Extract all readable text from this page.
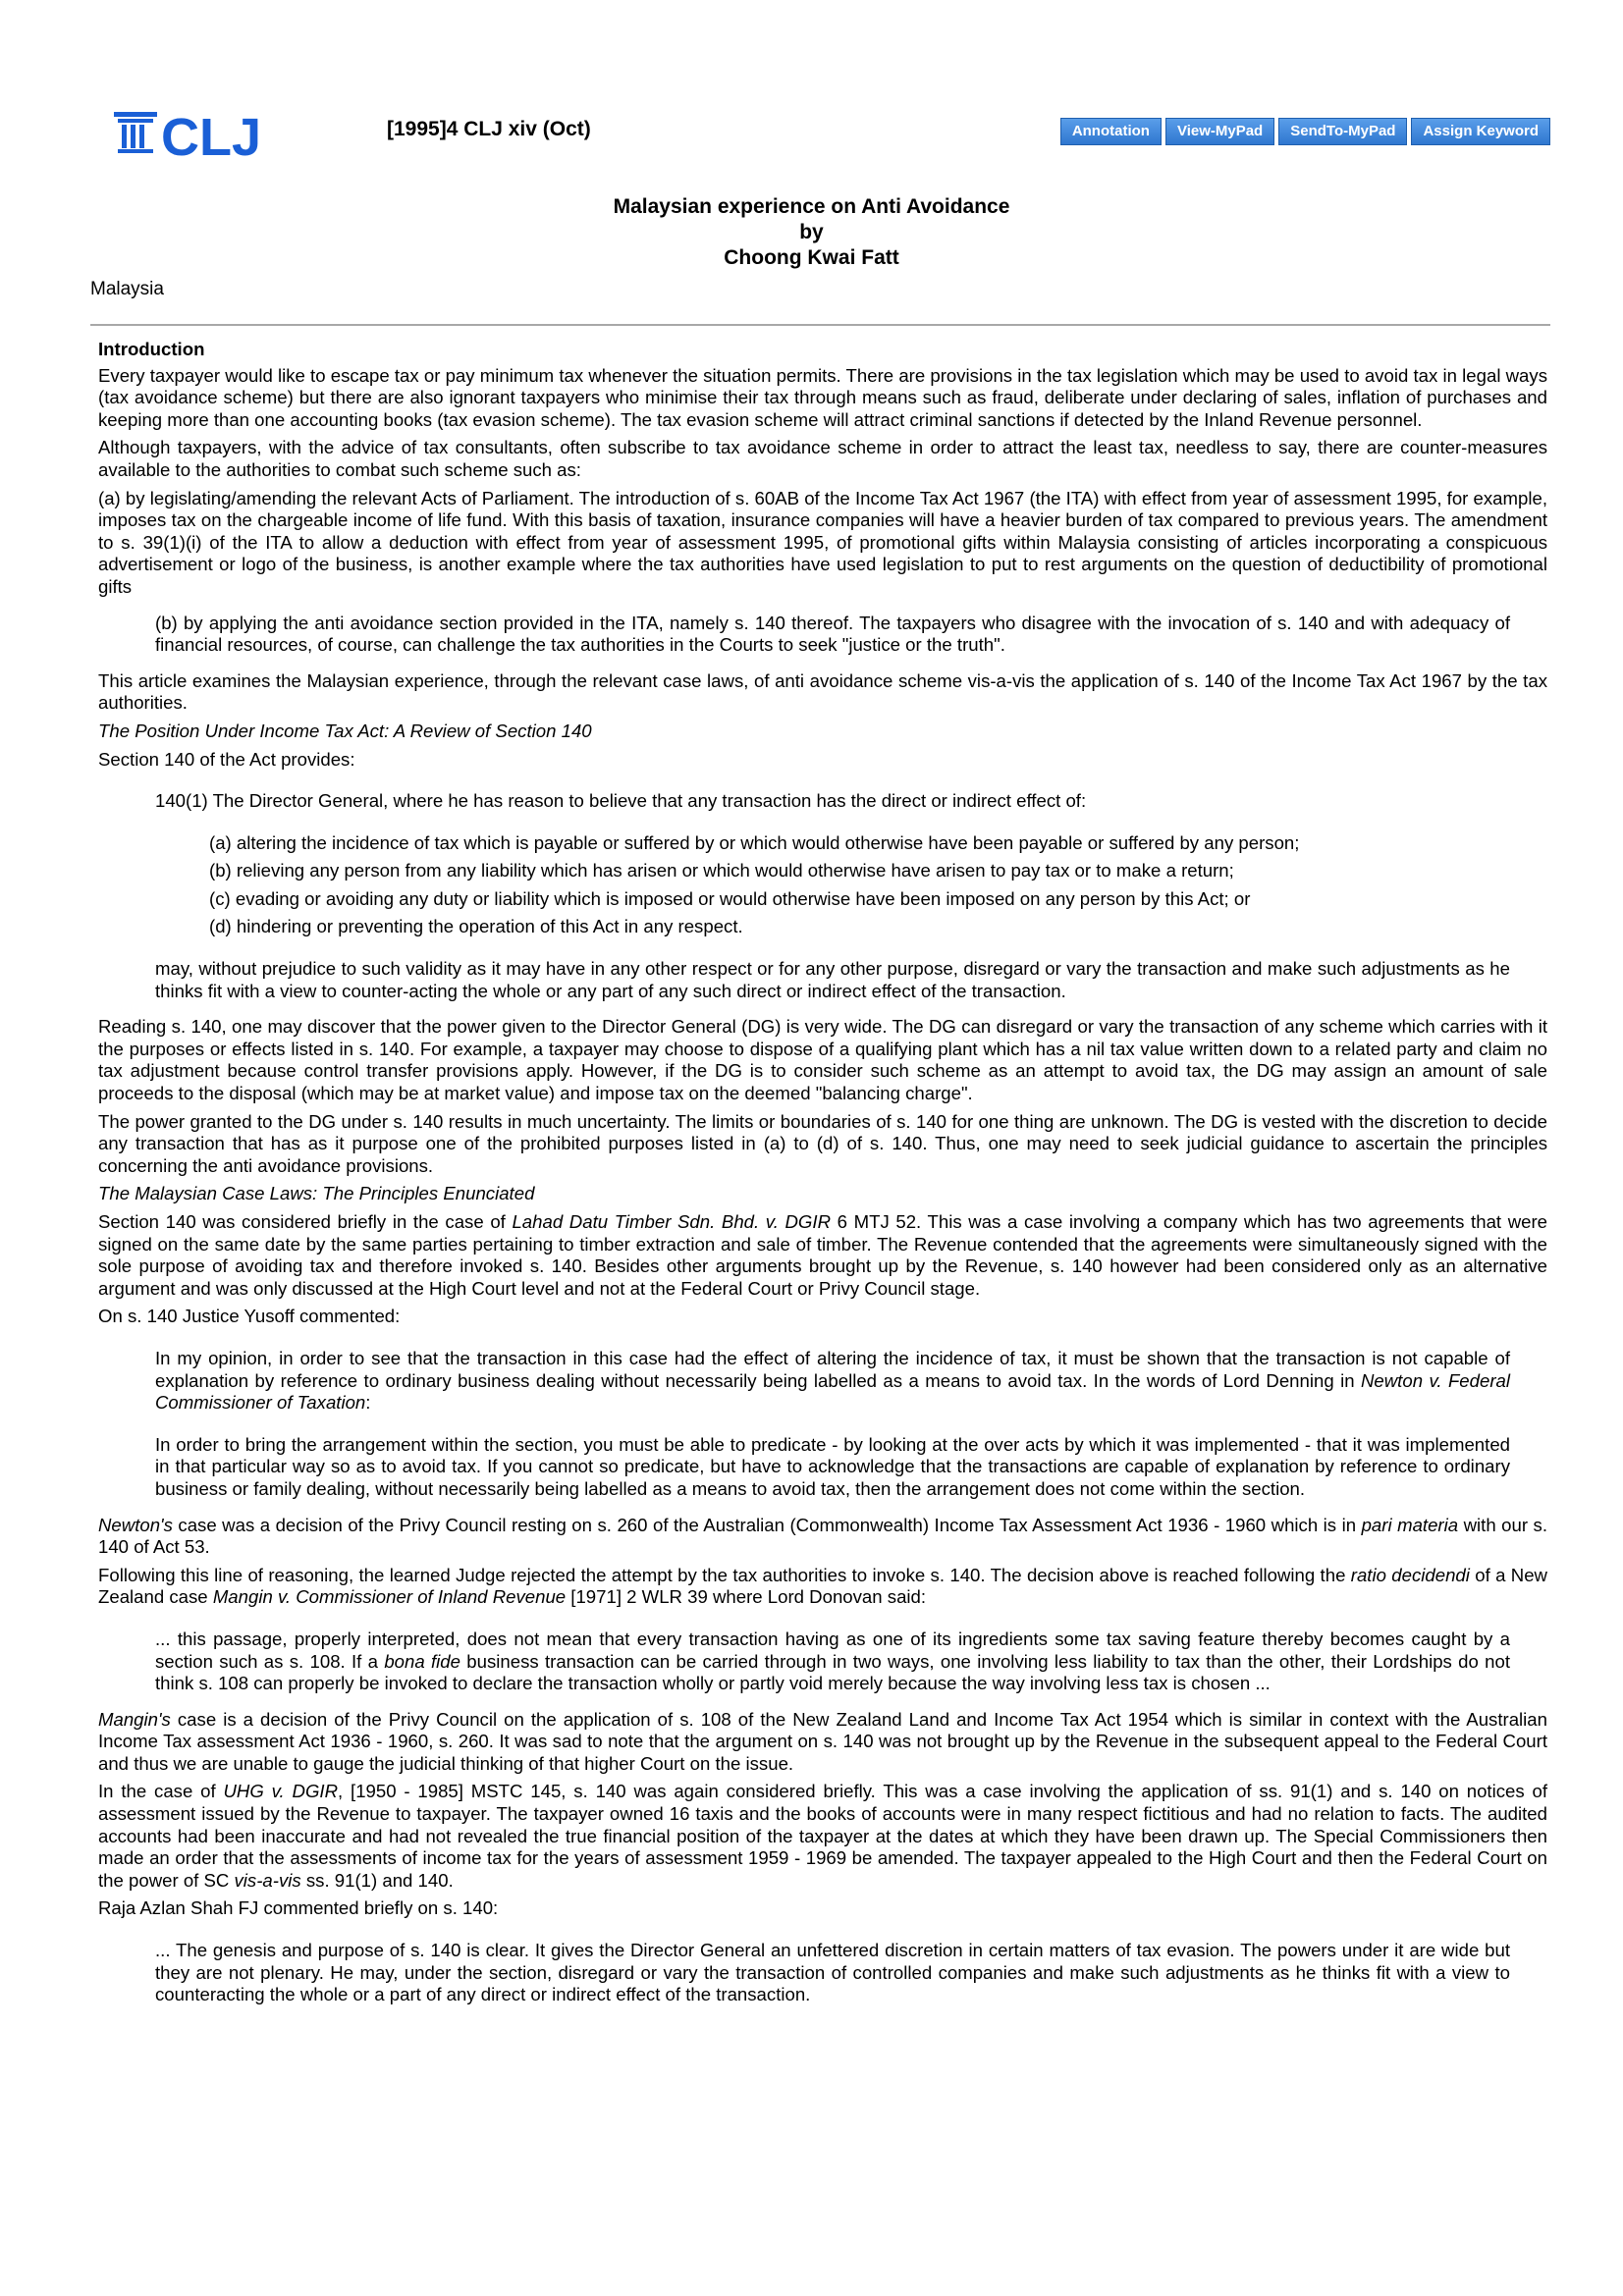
CLJ	[1995]4 CLJ xiv (Oct)	Annotation	View-MyPad	SendTo-MyPad	Assign Keyword
Malaysian experience on Anti Avoidance
by
Choong Kwai Fatt
Malaysia

Introduction

Every taxpayer would like to escape tax or pay minimum tax whenever the situation permits. There are provisions in the tax legislation which may be used to avoid tax in legal ways (tax avoidance scheme) but there are also ignorant taxpayers who minimise their tax through means such as fraud, deliberate under declaring of sales, inflation of purchases and keeping more than one accounting books (tax evasion scheme). The tax evasion scheme will attract criminal sanctions if detected by the Inland Revenue personnel.

Although taxpayers, with the advice of tax consultants, often subscribe to tax avoidance scheme in order to attract the least tax, needless to say, there are counter-measures available to the authorities to combat such scheme such as:

(a) by legislating/amending the relevant Acts of Parliament. The introduction of s. 60AB of the Income Tax Act 1967 (the ITA) with effect from year of assessment 1995, for example, imposes tax on the chargeable income of life fund. With this basis of taxation, insurance companies will have a heavier burden of tax compared to previous years. The amendment to s. 39(1)(i) of the ITA to allow a deduction with effect from year of assessment 1995, of promotional gifts within Malaysia consisting of articles incorporating a conspicuous advertisement or logo of the business, is another example where the tax authorities have used legislation to put to rest arguments on the question of deductibility of promotional gifts

(b) by applying the anti avoidance section provided in the ITA, namely s. 140 thereof. The taxpayers who disagree with the invocation of s. 140 and with adequacy of financial resources, of course, can challenge the tax authorities in the Courts to seek "justice or the truth".

This article examines the Malaysian experience, through the relevant case laws, of anti avoidance scheme vis-a-vis the application of s. 140 of the Income Tax Act 1967 by the tax authorities.

The Position Under Income Tax Act: A Review of Section 140

Section 140 of the Act provides:

140(1) The Director General, where he has reason to believe that any transaction has the direct or indirect effect of:

(a) altering the incidence of tax which is payable or suffered by or which would otherwise have been payable or suffered by any person;

(b) relieving any person from any liability which has arisen or which would otherwise have arisen to pay tax or to make a return;

(c) evading or avoiding any duty or liability which is imposed or would otherwise have been imposed on any person by this Act; or

(d) hindering or preventing the operation of this Act in any respect.

may, without prejudice to such validity as it may have in any other respect or for any other purpose, disregard or vary the transaction and make such adjustments as he thinks fit with a view to counter-acting the whole or any part of any such direct or indirect effect of the transaction.

Reading s. 140, one may discover that the power given to the Director General (DG) is very wide. The DG can disregard or vary the transaction of any scheme which carries with it the purposes or effects listed in s. 140. For example, a taxpayer may choose to dispose of a qualifying plant which has a nil tax value written down to a related party and claim no tax adjustment because control transfer provisions apply. However, if the DG is to consider such scheme as an attempt to avoid tax, the DG may assign an amount of sale proceeds to the disposal (which may be at market value) and impose tax on the deemed "balancing charge".

The power granted to the DG under s. 140 results in much uncertainty. The limits or boundaries of s. 140 for one thing are unknown. The DG is vested with the discretion to decide any transaction that has as it purpose one of the prohibited purposes listed in (a) to (d) of s. 140. Thus, one may need to seek judicial guidance to ascertain the principles concerning the anti avoidance provisions.

The Malaysian Case Laws: The Principles Enunciated

Section 140 was considered briefly in the case of Lahad Datu Timber Sdn. Bhd. v. DGIR 6 MTJ 52. This was a case involving a company which has two agreements that were signed on the same date by the same parties pertaining to timber extraction and sale of timber. The Revenue contended that the agreements were simultaneously signed with the sole purpose of avoiding tax and therefore invoked s. 140. Besides other arguments brought up by the Revenue, s. 140 however had been considered only as an alternative argument and was only discussed at the High Court level and not at the Federal Court or Privy Council stage.

On s. 140 Justice Yusoff commented:

In my opinion, in order to see that the transaction in this case had the effect of altering the incidence of tax, it must be shown that the transaction is not capable of explanation by reference to ordinary business dealing without necessarily being labelled as a means to avoid tax. In the words of Lord Denning in Newton v. Federal Commissioner of Taxation:

In order to bring the arrangement within the section, you must be able to predicate - by looking at the over acts by which it was implemented - that it was implemented in that particular way so as to avoid tax. If you cannot so predicate, but have to acknowledge that the transactions are capable of explanation by reference to ordinary business or family dealing, without necessarily being labelled as a means to avoid tax, then the arrangement does not come within the section.

Newton's case was a decision of the Privy Council resting on s. 260 of the Australian (Commonwealth) Income Tax Assessment Act 1936 - 1960 which is in pari materia with our s. 140 of Act 53.

Following this line of reasoning, the learned Judge rejected the attempt by the tax authorities to invoke s. 140. The decision above is reached following the ratio decidendi of a New Zealand case Mangin v. Commissioner of Inland Revenue [1971] 2 WLR 39 where Lord Donovan said:

... this passage, properly interpreted, does not mean that every transaction having as one of its ingredients some tax saving feature thereby becomes caught by a section such as s. 108. If a bona fide business transaction can be carried through in two ways, one involving less liability to tax than the other, their Lordships do not think s. 108 can properly be invoked to declare the transaction wholly or partly void merely because the way involving less tax is chosen ...

Mangin's case is a decision of the Privy Council on the application of s. 108 of the New Zealand Land and Income Tax Act 1954 which is similar in context with the Australian Income Tax assessment Act 1936 - 1960, s. 260. It was sad to note that the argument on s. 140 was not brought up by the Revenue in the subsequent appeal to the Federal Court and thus we are unable to gauge the judicial thinking of that higher Court on the issue.

In the case of UHG v. DGIR, [1950 - 1985] MSTC 145, s. 140 was again considered briefly. This was a case involving the application of ss. 91(1) and s. 140 on notices of assessment issued by the Revenue to taxpayer. The taxpayer owned 16 taxis and the books of accounts were in many respect fictitious and had no relation to facts. The audited accounts had been inaccurate and had not revealed the true financial position of the taxpayer at the dates at which they have been drawn up. The Special Commissioners then made an order that the assessments of income tax for the years of assessment 1959 - 1969 be amended. The taxpayer appealed to the High Court and then the Federal Court on the power of SC vis-a-vis ss. 91(1) and 140.

Raja Azlan Shah FJ commented briefly on s. 140:

... The genesis and purpose of s. 140 is clear. It gives the Director General an unfettered discretion in certain matters of tax evasion. The powers under it are wide but they are not plenary. He may, under the section, disregard or vary the transaction of controlled companies and make such adjustments as he thinks fit with a view to counteracting the whole or a part of any direct or indirect effect of the transaction.
